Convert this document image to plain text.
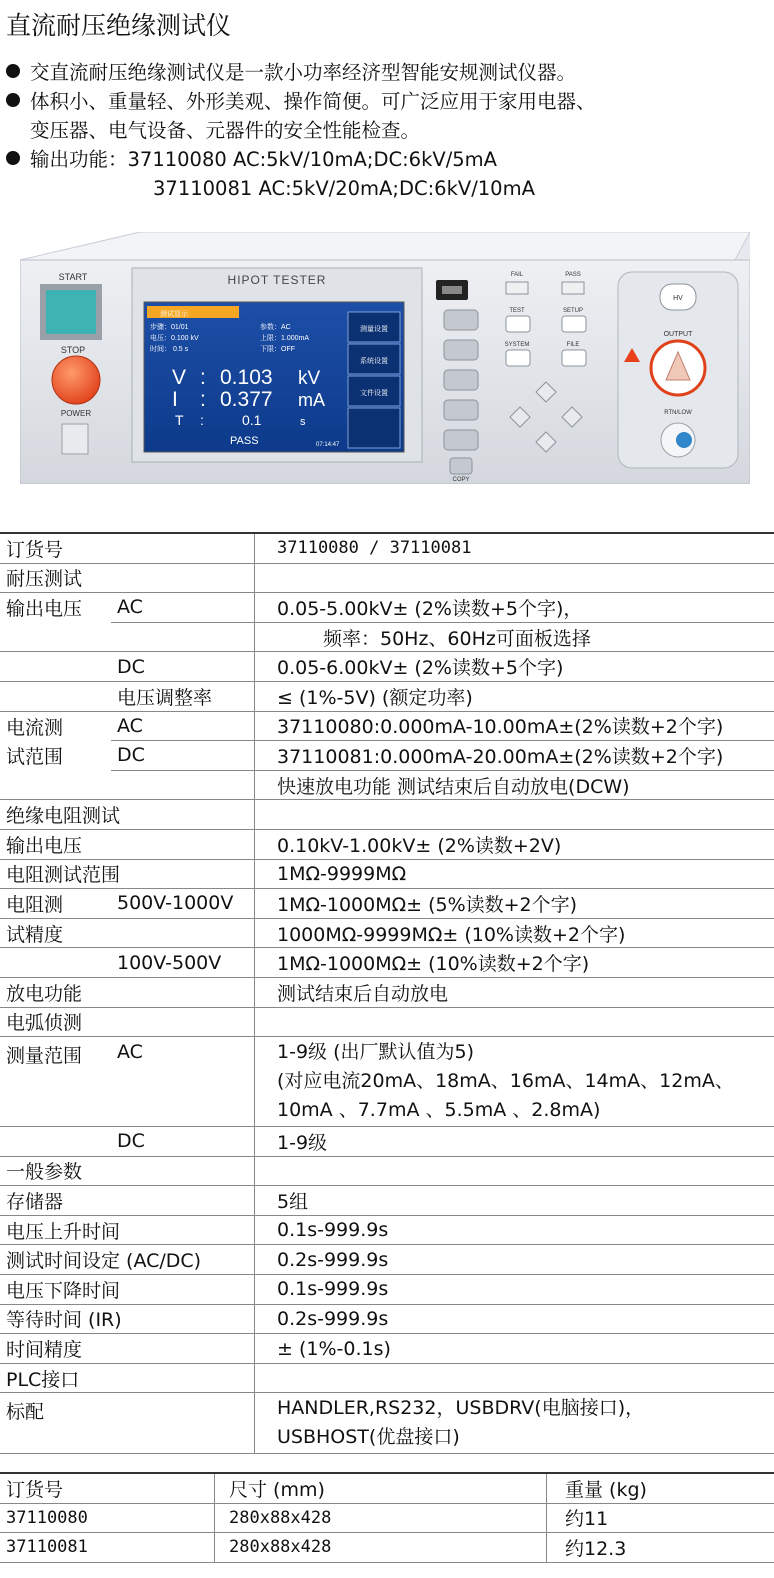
直流耐压绝缘测试仪
交直流耐压绝缘测试仪是一款小功率经济型智能安规测试仪器。
体积小、重量轻、外形美观、操作简便。可广泛应用于家用电器、
变压器、电气设备、元器件的安全性能检查。
输出功能：37110080 AC:5kV/10mA;DC:6kV/5mA
37110081 AC:5kV/20mA;DC:6kV/10mA
START
STOP
POWER
HIPOT TESTER
测试显示
步骤：01/01
电压：0.100 kV
时间： 0.5 s
参数：AC
上限：1.000mA
下限：OFF
V : 0.103 kV
I : 0.377 mA
T :	0.1	s
PASS	07:14:47
测量设置
系统设置
文件设置
COPY
FAIL	PASS
TEST	SETUP
SYSTEM	FILE
HV
OUTPUT
RTN/LOW
订货号		37110080 / 37110081
耐压测试		
输出电压	AC	0.05-5.00kV± (2%读数+5个字)，
		频率：50Hz、60Hz可面板选择
	DC	0.05-6.00kV± (2%读数+5个字)
	电压调整率	≤ (1%-5V) (额定功率)
电流测	AC	37110080:0.000mA-10.00mA±(2%读数+2个字)
试范围	DC	37110081:0.000mA-20.00mA±(2%读数+2个字)
		快速放电功能 测试结束后自动放电(DCW)
绝缘电阻测试		
输出电压		0.10kV-1.00kV± (2%读数+2V)
电阻测试范围		1MΩ-9999MΩ
电阻测	500V-1000V	1MΩ-1000MΩ± (5%读数+2个字)
试精度		1000MΩ-9999MΩ± (10%读数+2个字)
	100V-500V	1MΩ-1000MΩ± (10%读数+2个字)
放电功能		测试结束后自动放电
电弧侦测		
测量范围	AC	1-9级 (出厂默认值为5)
(对应电流20mA、18mA、16mA、14mA、12mA、
10mA 、7.7mA 、5.5mA 、2.8mA)

	DC	1-9级
一般参数		
存储器		5组
电压上升时间		0.1s-999.9s
测试时间设定 (AC/DC)		0.2s-999.9s
电压下降时间		0.1s-999.9s
等待时间 (IR)		0.2s-999.9s
时间精度		± (1%-0.1s)
PLC接口		
标配		HANDLER,RS232，USBDRV(电脑接口)，
USBHOST(优盘接口)
订货号	尺寸 (mm)	重量 (kg)
37110080	280x88x428	约11
37110081	280x88x428	约12.3
